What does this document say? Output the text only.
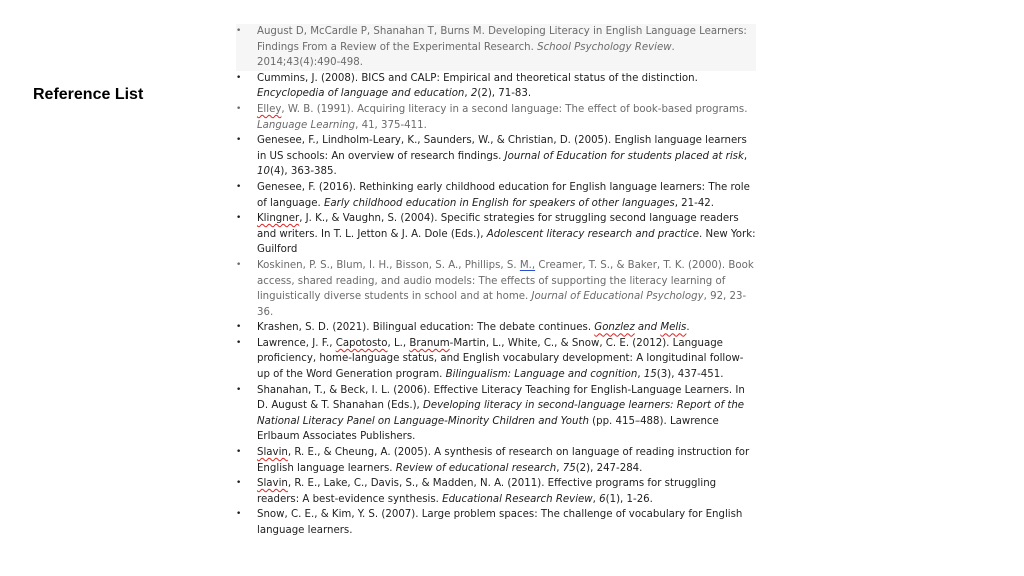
Reference List
• August D, McCardle P, Shanahan T, Burns M. Developing Literacy in English Language Learners: Findings From a Review of the Experimental Research. School Psychology Review. 2014;43(4):490-498.
• Cummins, J. (2008). BICS and CALP: Empirical and theoretical status of the distinction. Encyclopedia of language and education, 2(2), 71-83.
• Elley, W. B. (1991). Acquiring literacy in a second language: The effect of book-based programs. Language Learning, 41, 375-411.
• Genesee, F., Lindholm-Leary, K., Saunders, W., & Christian, D. (2005). English language learners in US schools: An overview of research findings. Journal of Education for students placed at risk, 10(4), 363-385.
• Genesee, F. (2016). Rethinking early childhood education for English language learners: The role of language. Early childhood education in English for speakers of other languages, 21-42.
• Klingner, J. K., & Vaughn, S. (2004). Specific strategies for struggling second language readers and writers. In T. L. Jetton & J. A. Dole (Eds.), Adolescent literacy research and practice. New York: Guilford
• Koskinen, P. S., Blum, I. H., Bisson, S. A., Phillips, S. M., Creamer, T. S., & Baker, T. K. (2000). Book access, shared reading, and audio models: The effects of supporting the literacy learning of linguistically diverse students in school and at home. Journal of Educational Psychology, 92, 23-36.
• Krashen, S. D. (2021). Bilingual education: The debate continues. Gonzlez and Melis.
• Lawrence, J. F., Capotosto, L., Branum-Martin, L., White, C., & Snow, C. E. (2012). Language proficiency, home-language status, and English vocabulary development: A longitudinal follow-up of the Word Generation program. Bilingualism: Language and cognition, 15(3), 437-451.
• Shanahan, T., & Beck, I. L. (2006). Effective Literacy Teaching for English-Language Learners. In D. August & T. Shanahan (Eds.), Developing literacy in second-language learners: Report of the National Literacy Panel on Language-Minority Children and Youth (pp. 415–488). Lawrence Erlbaum Associates Publishers.
• Slavin, R. E., & Cheung, A. (2005). A synthesis of research on language of reading instruction for English language learners. Review of educational research, 75(2), 247-284.
• Slavin, R. E., Lake, C., Davis, S., & Madden, N. A. (2011). Effective programs for struggling readers: A best-evidence synthesis. Educational Research Review, 6(1), 1-26.
• Snow, C. E., & Kim, Y. S. (2007). Large problem spaces: The challenge of vocabulary for English language learners.
